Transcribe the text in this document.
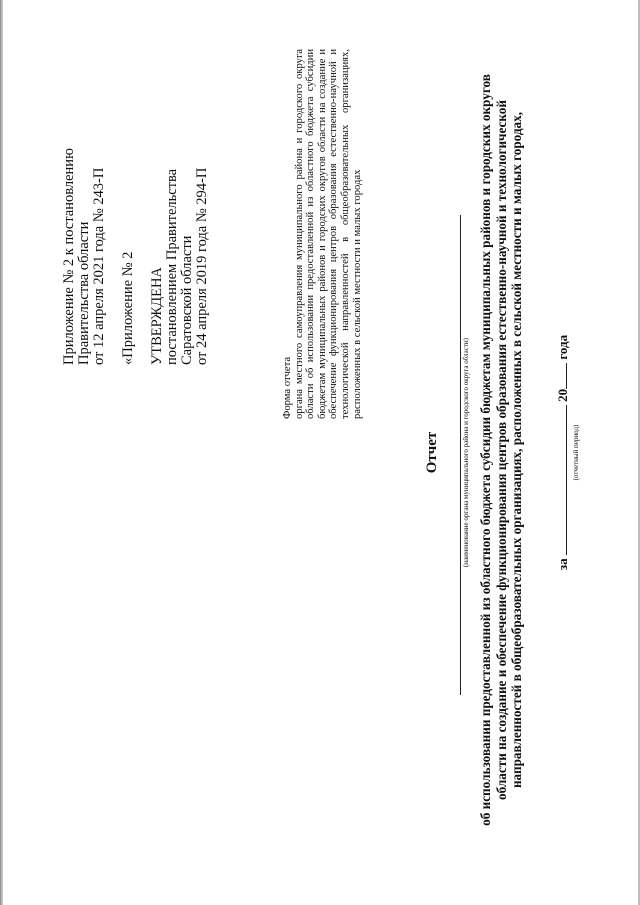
Приложение № 2 к постановлению Правительства области от 12 апреля 2021 года № 243-П «Приложение № 2 УТВЕРЖДЕНА постановлением Правительства Саратовской области от 24 апреля 2019 года № 294-П
Форма отчета органа местного самоуправления муниципального района и городского округа области об использовании предоставленной из областного бюджета субсидии бюджетам муниципальных районов и городских округов области на создание и обеспечение функционирования центров образования естественно-научной и технологической направленностей в общеобразовательных организациях, расположенных в сельской местности и малых городах
Отчет	(наименование органа муниципального района и городского округа области) об использовании предоставленной из областного бюджета субсидии бюджетам муниципальных районов и городских округов области на создание и обеспечение функционирования центров образования естественно-научной и технологической направленностей в общеобразовательных организациях, расположенных в сельской местности и малых городах, за  20 года
(отчетный период)
